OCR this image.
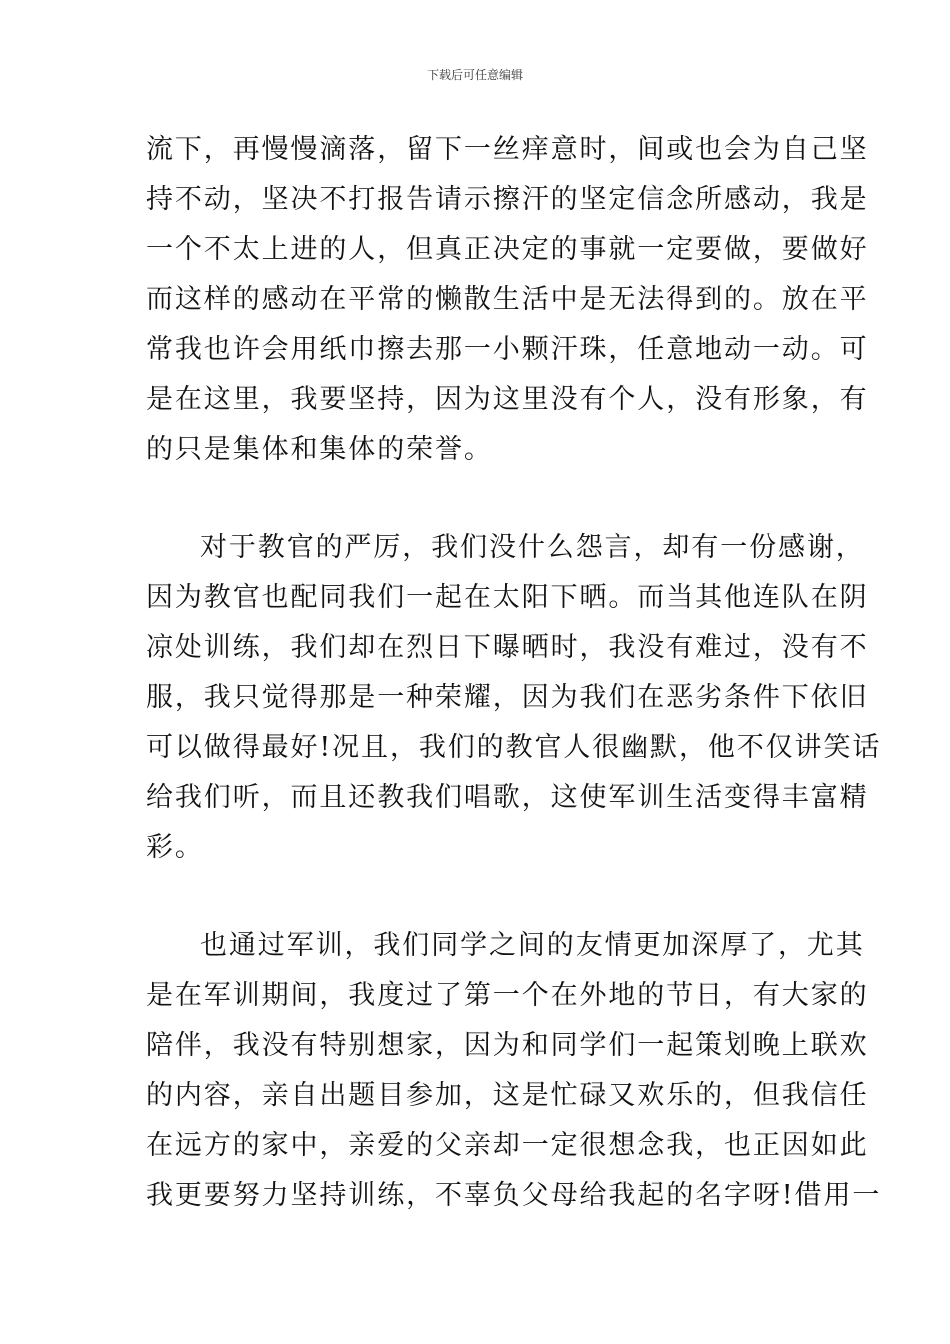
下载后可任意编辑
流下，再慢慢滴落，留下一丝痒意时，间或也会为自己坚
持不动，坚决不打报告请示擦汗的坚定信念所感动，我是
一个不太上进的人，但真正决定的事就一定要做，要做好
而这样的感动在平常的懒散生活中是无法得到的。放在平
常我也许会用纸巾擦去那一小颗汗珠，任意地动一动。可
是在这里，我要坚持，因为这里没有个人，没有形象，有
的只是集体和集体的荣誉。
对于教官的严厉，我们没什么怨言，却有一份感谢，
因为教官也配同我们一起在太阳下晒。而当其他连队在阴
凉处训练，我们却在烈日下曝晒时，我没有难过，没有不
服，我只觉得那是一种荣耀，因为我们在恶劣条件下依旧
可以做得最好!况且，我们的教官人很幽默，他不仅讲笑话
给我们听，而且还教我们唱歌，这使军训生活变得丰富精
彩。
也通过军训，我们同学之间的友情更加深厚了，尤其
是在军训期间，我度过了第一个在外地的节日，有大家的
陪伴，我没有特别想家，因为和同学们一起策划晚上联欢
的内容，亲自出题目参加，这是忙碌又欢乐的，但我信任
在远方的家中，亲爱的父亲却一定很想念我，也正因如此
我更要努力坚持训练，不辜负父母给我起的名字呀!借用一
